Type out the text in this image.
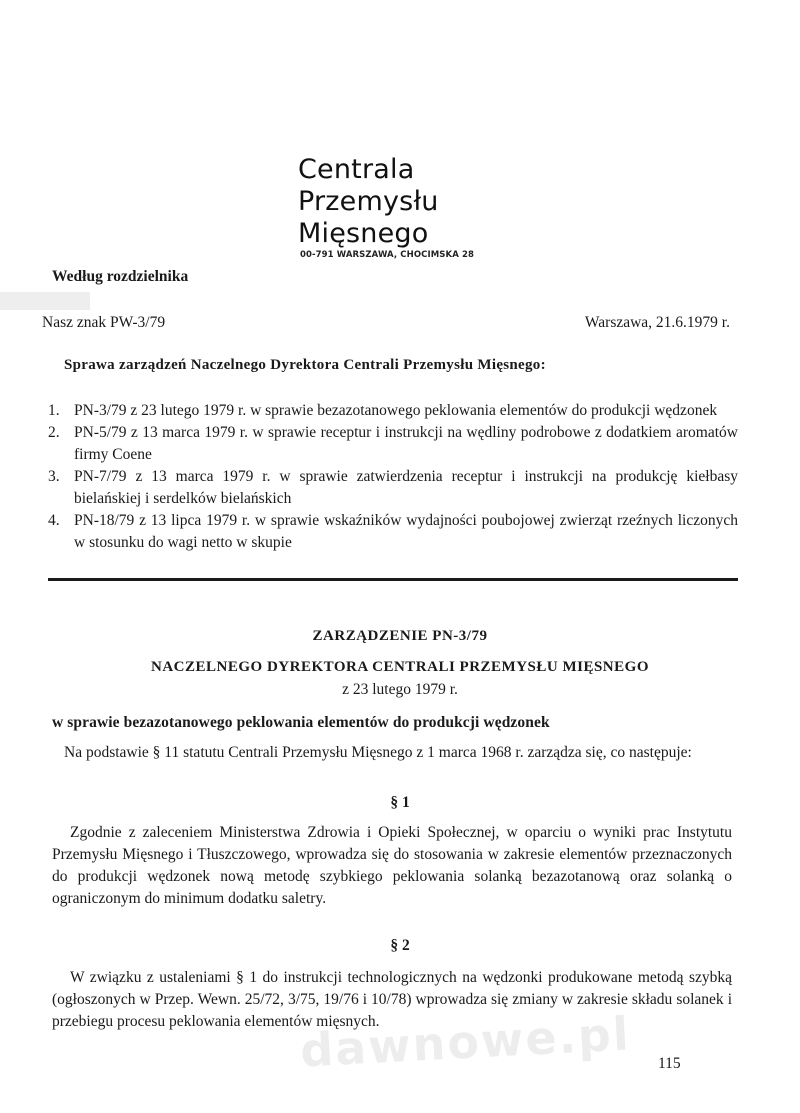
Centrala
Przemysłu
Mięsnego
00-791 WARSZAWA, CHOCIMSKA 28
Według rozdzielnika
Nasz znak PW-3/79	Warszawa, 21.6.1979 r.
Sprawa zarządzeń Naczelnego Dyrektora Centrali Przemysłu Mięsnego:
1. PN-3/79 z 23 lutego 1979 r. w sprawie bezazotanowego peklowania elementów do produkcji wędzonek
2. PN-5/79 z 13 marca 1979 r. w sprawie receptur i instrukcji na wędliny podrobowe z dodatkiem aromatów firmy Coene
3. PN-7/79 z 13 marca 1979 r. w sprawie zatwierdzenia receptur i instrukcji na produkcję kiełbasy bielańskiej i serdelków bielańskich
4. PN-18/79 z 13 lipca 1979 r. w sprawie wskaźników wydajności poubojowej zwierząt rzeźnych liczonych w stosunku do wagi netto w skupie
ZARZĄDZENIE PN-3/79
NACZELNEGO DYREKTORA CENTRALI PRZEMYSŁU MIĘSNEGO
z 23 lutego 1979 r.
w sprawie bezazotanowego peklowania elementów do produkcji wędzonek
Na podstawie § 11 statutu Centrali Przemysłu Mięsnego z 1 marca 1968 r. zarządza się, co następuje:
§ 1
Zgodnie z zaleceniem Ministerstwa Zdrowia i Opieki Społecznej, w oparciu o wyniki prac Instytutu Przemysłu Mięsnego i Tłuszczowego, wprowadza się do stosowania w zakresie elementów przeznaczonych do produkcji wędzonek nową metodę szybkiego peklowania solanką bezazotanową oraz solanką o ograniczonym do minimum dodatku saletry.
§ 2
W związku z ustaleniami § 1 do instrukcji technologicznych na wędzonki produkowane metodą szybką (ogłoszonych w Przep. Wewn. 25/72, 3/75, 19/76 i 10/78) wprowadza się zmiany w zakresie składu solanek i przebiegu procesu peklowania elementów mięsnych.
dawnowe.pl 115
